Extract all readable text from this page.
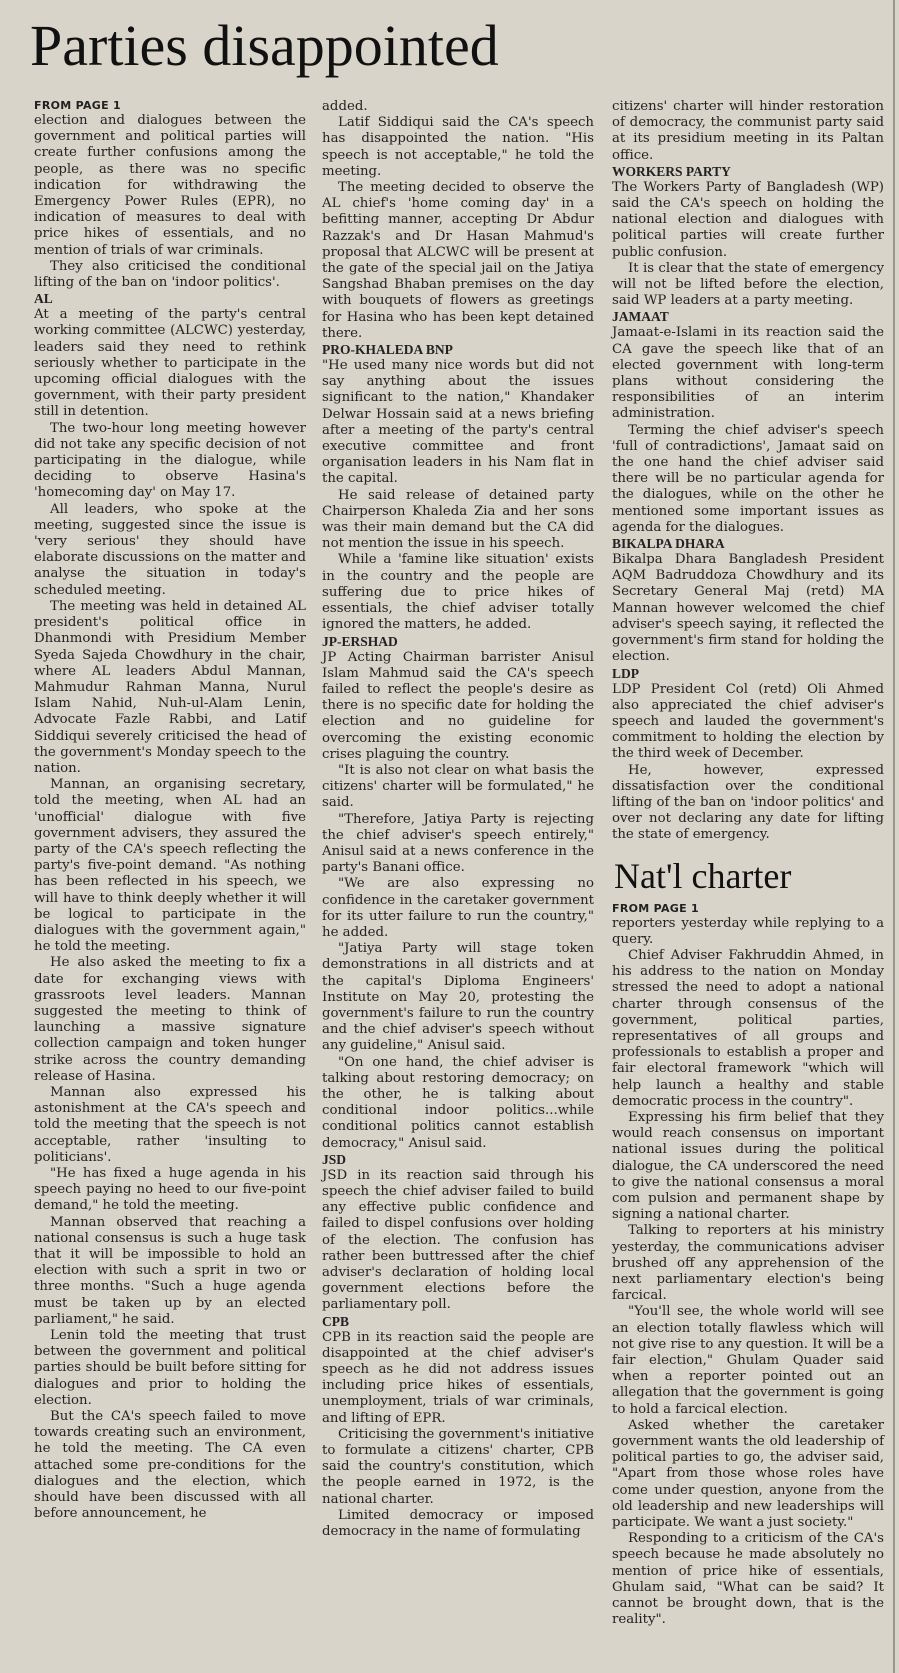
Parties disappointed
FROM PAGE 1

election and dialogues between the government and political parties will create further confusions among the people, as there was no specific indication for withdrawing the Emergency Power Rules (EPR), no indication of measures to deal with price hikes of essentials, and no mention of trials of war criminals.

They also criticised the conditional lifting of the ban on 'indoor politics'.

AL

At a meeting of the party's central working committee (ALCWC) yesterday, leaders said they need to rethink seriously whether to participate in the upcoming official dialogues with the government, with their party president still in detention.

The two-hour long meeting however did not take any specific decision of not participating in the dialogue, while deciding to observe Hasina's 'homecoming day' on May 17.

All leaders, who spoke at the meeting, suggested since the issue is 'very serious' they should have elaborate discussions on the matter and analyse the situation in today's scheduled meeting.

The meeting was held in detained AL president's political office in Dhanmondi with Presidium Member Syeda Sajeda Chowdhury in the chair, where AL leaders Abdul Mannan, Mahmudur Rahman Manna, Nurul Islam Nahid, Nuh-ul-Alam Lenin, Advocate Fazle Rabbi, and Latif Siddiqui severely criticised the head of the government's Monday speech to the nation.

Mannan, an organising secretary, told the meeting, when AL had an 'unofficial' dialogue with five government advisers, they assured the party of the CA's speech reflecting the party's five-point demand. "As nothing has been reflected in his speech, we will have to think deeply whether it will be logical to participate in the dialogues with the government again," he told the meeting.

He also asked the meeting to fix a date for exchanging views with grassroots level leaders. Mannan suggested the meeting to think of launching a massive signature collection campaign and token hunger strike across the country demanding release of Hasina.

Mannan also expressed his astonishment at the CA's speech and told the meeting that the speech is not acceptable, rather 'insulting to politicians'.

"He has fixed a huge agenda in his speech paying no heed to our five-point demand," he told the meeting.

Mannan observed that reaching a national consensus is such a huge task that it will be impossible to hold an election with such a sprit in two or three months. "Such a huge agenda must be taken up by an elected parliament," he said.

Lenin told the meeting that trust between the government and political parties should be built before sitting for dialogues and prior to holding the election.

But the CA's speech failed to move towards creating such an environment, he told the meeting. The CA even attached some pre-conditions for the dialogues and the election, which should have been discussed with all before announcement, he

added.

Latif Siddiqui said the CA's speech has disappointed the nation. "His speech is not acceptable," he told the meeting.

The meeting decided to observe the AL chief's 'home coming day' in a befitting manner, accepting Dr Abdur Razzak's and Dr Hasan Mahmud's proposal that ALCWC will be present at the gate of the special jail on the Jatiya Sangshad Bhaban premises on the day with bouquets of flowers as greetings for Hasina who has been kept detained there.

PRO-KHALEDA BNP

"He used many nice words but did not say anything about the issues significant to the nation," Khandaker Delwar Hossain said at a news briefing after a meeting of the party's central executive committee and front organisation leaders in his Nam flat in the capital.

He said release of detained party Chairperson Khaleda Zia and her sons was their main demand but the CA did not mention the issue in his speech.

While a 'famine like situation' exists in the country and the people are suffering due to price hikes of essentials, the chief adviser totally ignored the matters, he added.

JP-ERSHAD

JP Acting Chairman barrister Anisul Islam Mahmud said the CA's speech failed to reflect the people's desire as there is no specific date for holding the election and no guideline for overcoming the existing economic crises plaguing the country.

"It is also not clear on what basis the citizens' charter will be formulated," he said.

"Therefore, Jatiya Party is rejecting the chief adviser's speech entirely," Anisul said at a news conference in the party's Banani office.

"We are also expressing no confidence in the caretaker government for its utter failure to run the country," he added.

"Jatiya Party will stage token demonstrations in all districts and at the capital's Diploma Engineers' Institute on May 20, protesting the government's failure to run the country and the chief adviser's speech without any guideline," Anisul said.

"On one hand, the chief adviser is talking about restoring democracy; on the other, he is talking about conditional indoor politics...while conditional politics cannot establish democracy," Anisul said.

JSD

JSD in its reaction said through his speech the chief adviser failed to build any effective public confidence and failed to dispel confusions over holding of the election. The confusion has rather been buttressed after the chief adviser's declaration of holding local government elections before the parliamentary poll.

CPB

CPB in its reaction said the people are disappointed at the chief adviser's speech as he did not address issues including price hikes of essentials, unemployment, trials of war criminals, and lifting of EPR.

Criticising the government's initiative to formulate a citizens' charter, CPB said the country's constitution, which the people earned in 1972, is the national charter.

Limited democracy or imposed democracy in the name of formulating

citizens' charter will hinder restoration of democracy, the communist party said at its presidium meeting in its Paltan office.

WORKERS PARTY

The Workers Party of Bangladesh (WP) said the CA's speech on holding the national election and dialogues with political parties will create further public confusion.

It is clear that the state of emergency will not be lifted before the election, said WP leaders at a party meeting.

JAMAAT

Jamaat-e-Islami in its reaction said the CA gave the speech like that of an elected government with long-term plans without considering the responsibilities of an interim administration.

Terming the chief adviser's speech 'full of contradictions', Jamaat said on the one hand the chief adviser said there will be no particular agenda for the dialogues, while on the other he mentioned some important issues as agenda for the dialogues.

BIKALPA DHARA

Bikalpa Dhara Bangladesh President AQM Badruddoza Chowdhury and its Secretary General Maj (retd) MA Mannan however welcomed the chief adviser's speech saying, it reflected the government's firm stand for holding the election.

LDP

LDP President Col (retd) Oli Ahmed also appreciated the chief adviser's speech and lauded the government's commitment to holding the election by the third week of December.

He, however, expressed dissatisfaction over the conditional lifting of the ban on 'indoor politics' and over not declaring any date for lifting the state of emergency.

Nat'l charter
FROM PAGE 1

reporters yesterday while replying to a query.

Chief Adviser Fakhruddin Ahmed, in his address to the nation on Monday stressed the need to adopt a national charter through consensus of the government, political parties, representatives of all groups and professionals to establish a proper and fair electoral framework "which will help launch a healthy and stable democratic process in the country".

Expressing his firm belief that they would reach consensus on important national issues during the political dialogue, the CA underscored the need to give the national consensus a moral com pulsion and permanent shape by signing a national charter.

Talking to reporters at his ministry yesterday, the communications adviser brushed off any apprehension of the next parliamentary election's being farcical.

"You'll see, the whole world will see an election totally flawless which will not give rise to any question. It will be a fair election," Ghulam Quader said when a reporter pointed out an allegation that the government is going to hold a farcical election.

Asked whether the caretaker government wants the old leadership of political parties to go, the adviser said, "Apart from those whose roles have come under question, anyone from the old leadership and new leaderships will participate. We want a just society."

Responding to a criticism of the CA's speech because he made absolutely no mention of price hike of essentials, Ghulam said, "What can be said? It cannot be brought down, that is the reality".
